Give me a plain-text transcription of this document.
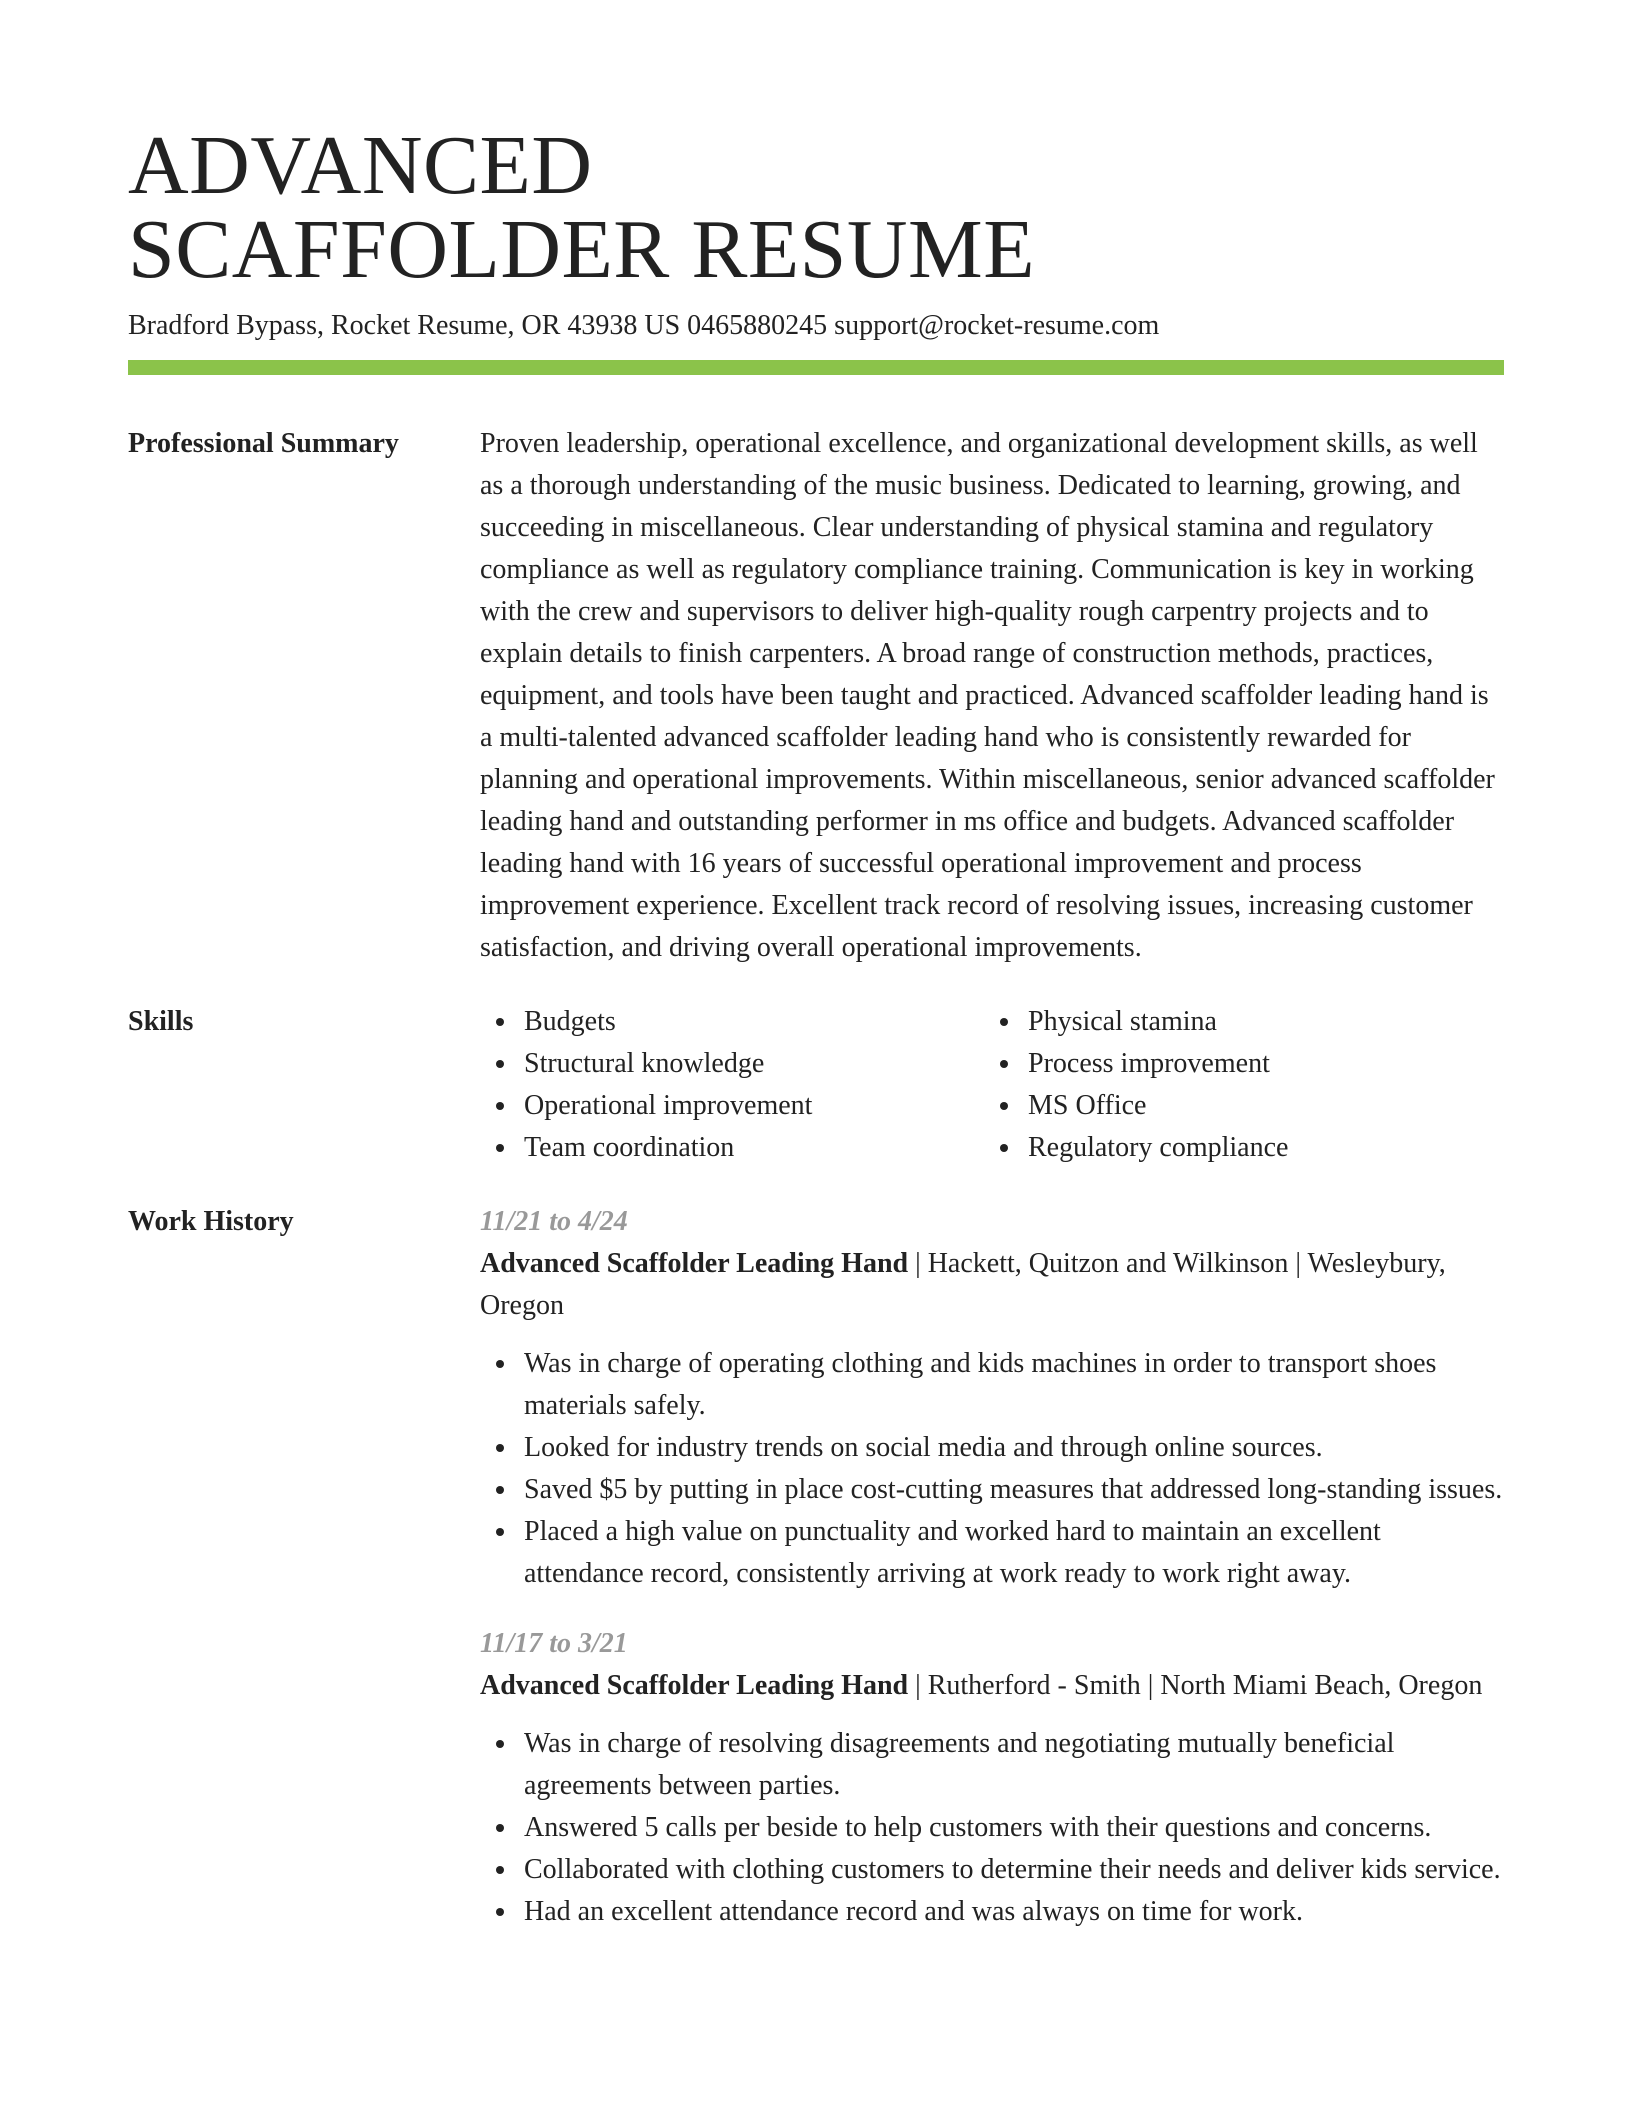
ADVANCED
SCAFFOLDER RESUME
Bradford Bypass, Rocket Resume, OR 43938 US 0465880245 support@rocket-resume.com
Professional Summary	Proven leadership, operational excellence, and organizational development skills, as well as a thorough understanding of the music business. Dedicated to learning, growing, and succeeding in miscellaneous. Clear understanding of physical stamina and regulatory compliance as well as regulatory compliance training. Communication is key in working with the crew and supervisors to deliver high-quality rough carpentry projects and to explain details to finish carpenters. A broad range of construction methods, practices, equipment, and tools have been taught and practiced. Advanced scaffolder leading hand is a multi-talented advanced scaffolder leading hand who is consistently rewarded for planning and operational improvements. Within miscellaneous, senior advanced scaffolder leading hand and outstanding performer in ms office and budgets. Advanced scaffolder leading hand with 16 years of successful operational improvement and process improvement experience. Excellent track record of resolving issues, increasing customer satisfaction, and driving overall operational improvements.

Skills	Budgets
Structural knowledge
Operational improvement
Team coordination
Physical stamina
Process improvement
MS Office
Regulatory compliance
Work History	11/21 to 4/24
Advanced Scaffolder Leading Hand | Hackett, Quitzon and Wilkinson | Wesleybury, Oregon
Was in charge of operating clothing and kids machines in order to transport shoes materials safely.
Looked for industry trends on social media and through online sources.
Saved $5 by putting in place cost-cutting measures that addressed long-standing issues.
Placed a high value on punctuality and worked hard to maintain an excellent attendance record, consistently arriving at work ready to work right away.
11/17 to 3/21
Advanced Scaffolder Leading Hand | Rutherford - Smith | North Miami Beach, Oregon
Was in charge of resolving disagreements and negotiating mutually beneficial agreements between parties.
Answered 5 calls per beside to help customers with their questions and concerns.
Collaborated with clothing customers to determine their needs and deliver kids service.
Had an excellent attendance record and was always on time for work.
